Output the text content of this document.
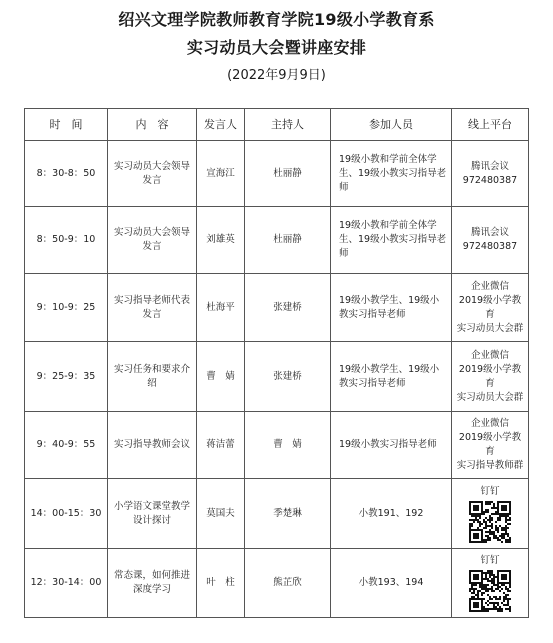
绍兴文理学院教师教育学院19级小学教育系
实习动员大会暨讲座安排
(2022年9月9日)
时　间	内　容	发言人	主持人	参加人员	线上平台
8：30-8：50	实习动员大会领导发言	宣海江	杜丽静	19级小教和学前全体学生、19级小教实习指导老师	腾讯会议
972480387
8：50-9：10	实习动员大会领导发言	刘雄英	杜丽静	19级小教和学前全体学生、19级小教实习指导老师	腾讯会议
972480387
9：10-9：25	实习指导老师代表发言	杜海平	张建桥	19级小教学生、19级小教实习指导老师	企业微信
2019级小学教育
实习动员大会群
9：25-9：35	实习任务和要求介绍	曹　婧	张建桥	19级小教学生、19级小教实习指导老师	企业微信
2019级小学教育
实习动员大会群
9：40-9：55	实习指导教师会议	蒋洁蕾	曹　婧	19级小教实习指导老师	企业微信
2019级小学教育
实习指导教师群
14：00-15：30	小学语文课堂教学设计探讨	莫国夫	季楚琳	小教191、192	钉钉

12：30-14：00	常态课，如何推进深度学习	叶　柱	熊芷欣	小教193、194	钉钉
